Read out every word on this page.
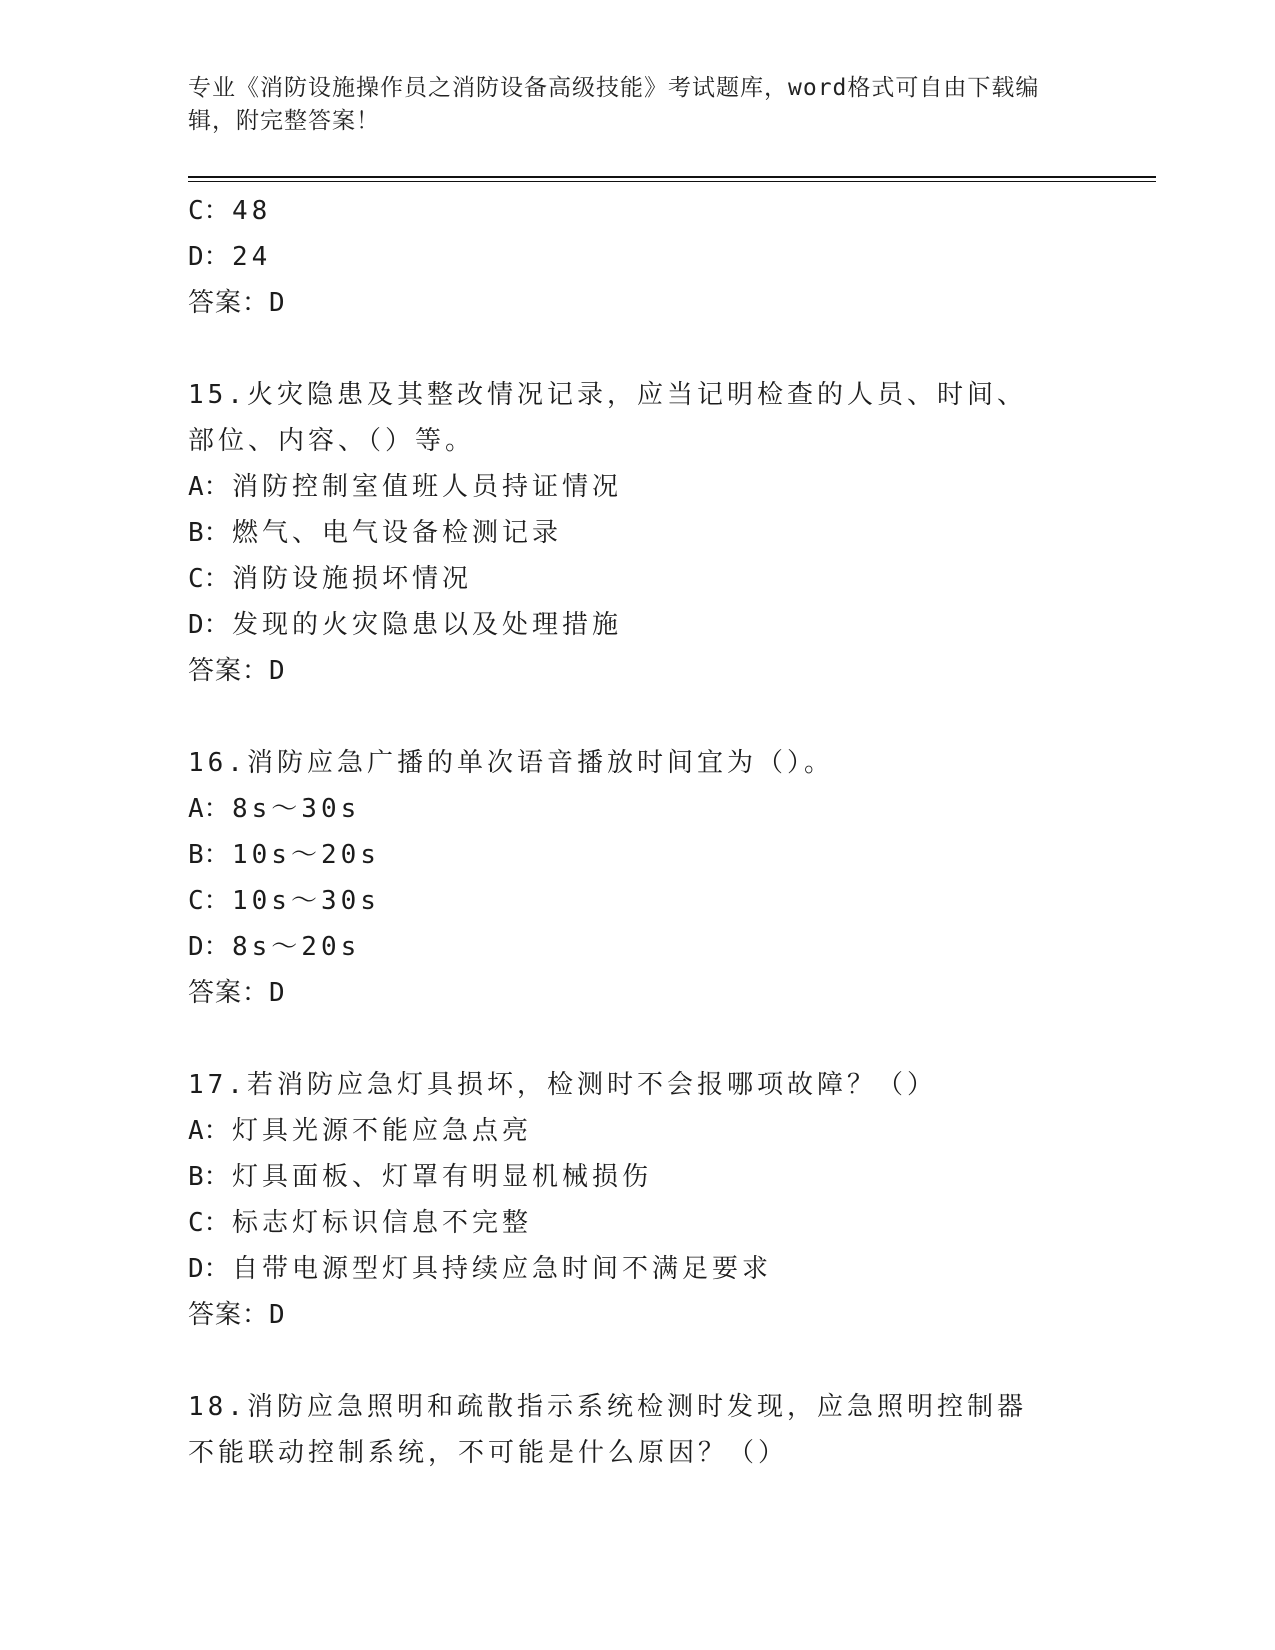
专业《消防设施操作员之消防设备高级技能》考试题库，word格式可自由下载编辑，附完整答案！
C：48
D：24
答案：D
15.火灾隐患及其整改情况记录，应当记明检查的人员、时间、部位、内容、（）等。
A：消防控制室值班人员持证情况
B：燃气、电气设备检测记录
C：消防设施损坏情况
D：发现的火灾隐患以及处理措施
答案：D
16.消防应急广播的单次语音播放时间宜为（）。
A：8s～30s
B：10s～20s
C：10s～30s
D：8s～20s
答案：D
17.若消防应急灯具损坏，检测时不会报哪项故障？（）
A：灯具光源不能应急点亮
B：灯具面板、灯罩有明显机械损伤
C：标志灯标识信息不完整
D：自带电源型灯具持续应急时间不满足要求
答案：D
18.消防应急照明和疏散指示系统检测时发现，应急照明控制器不能联动控制系统，不可能是什么原因？（）
